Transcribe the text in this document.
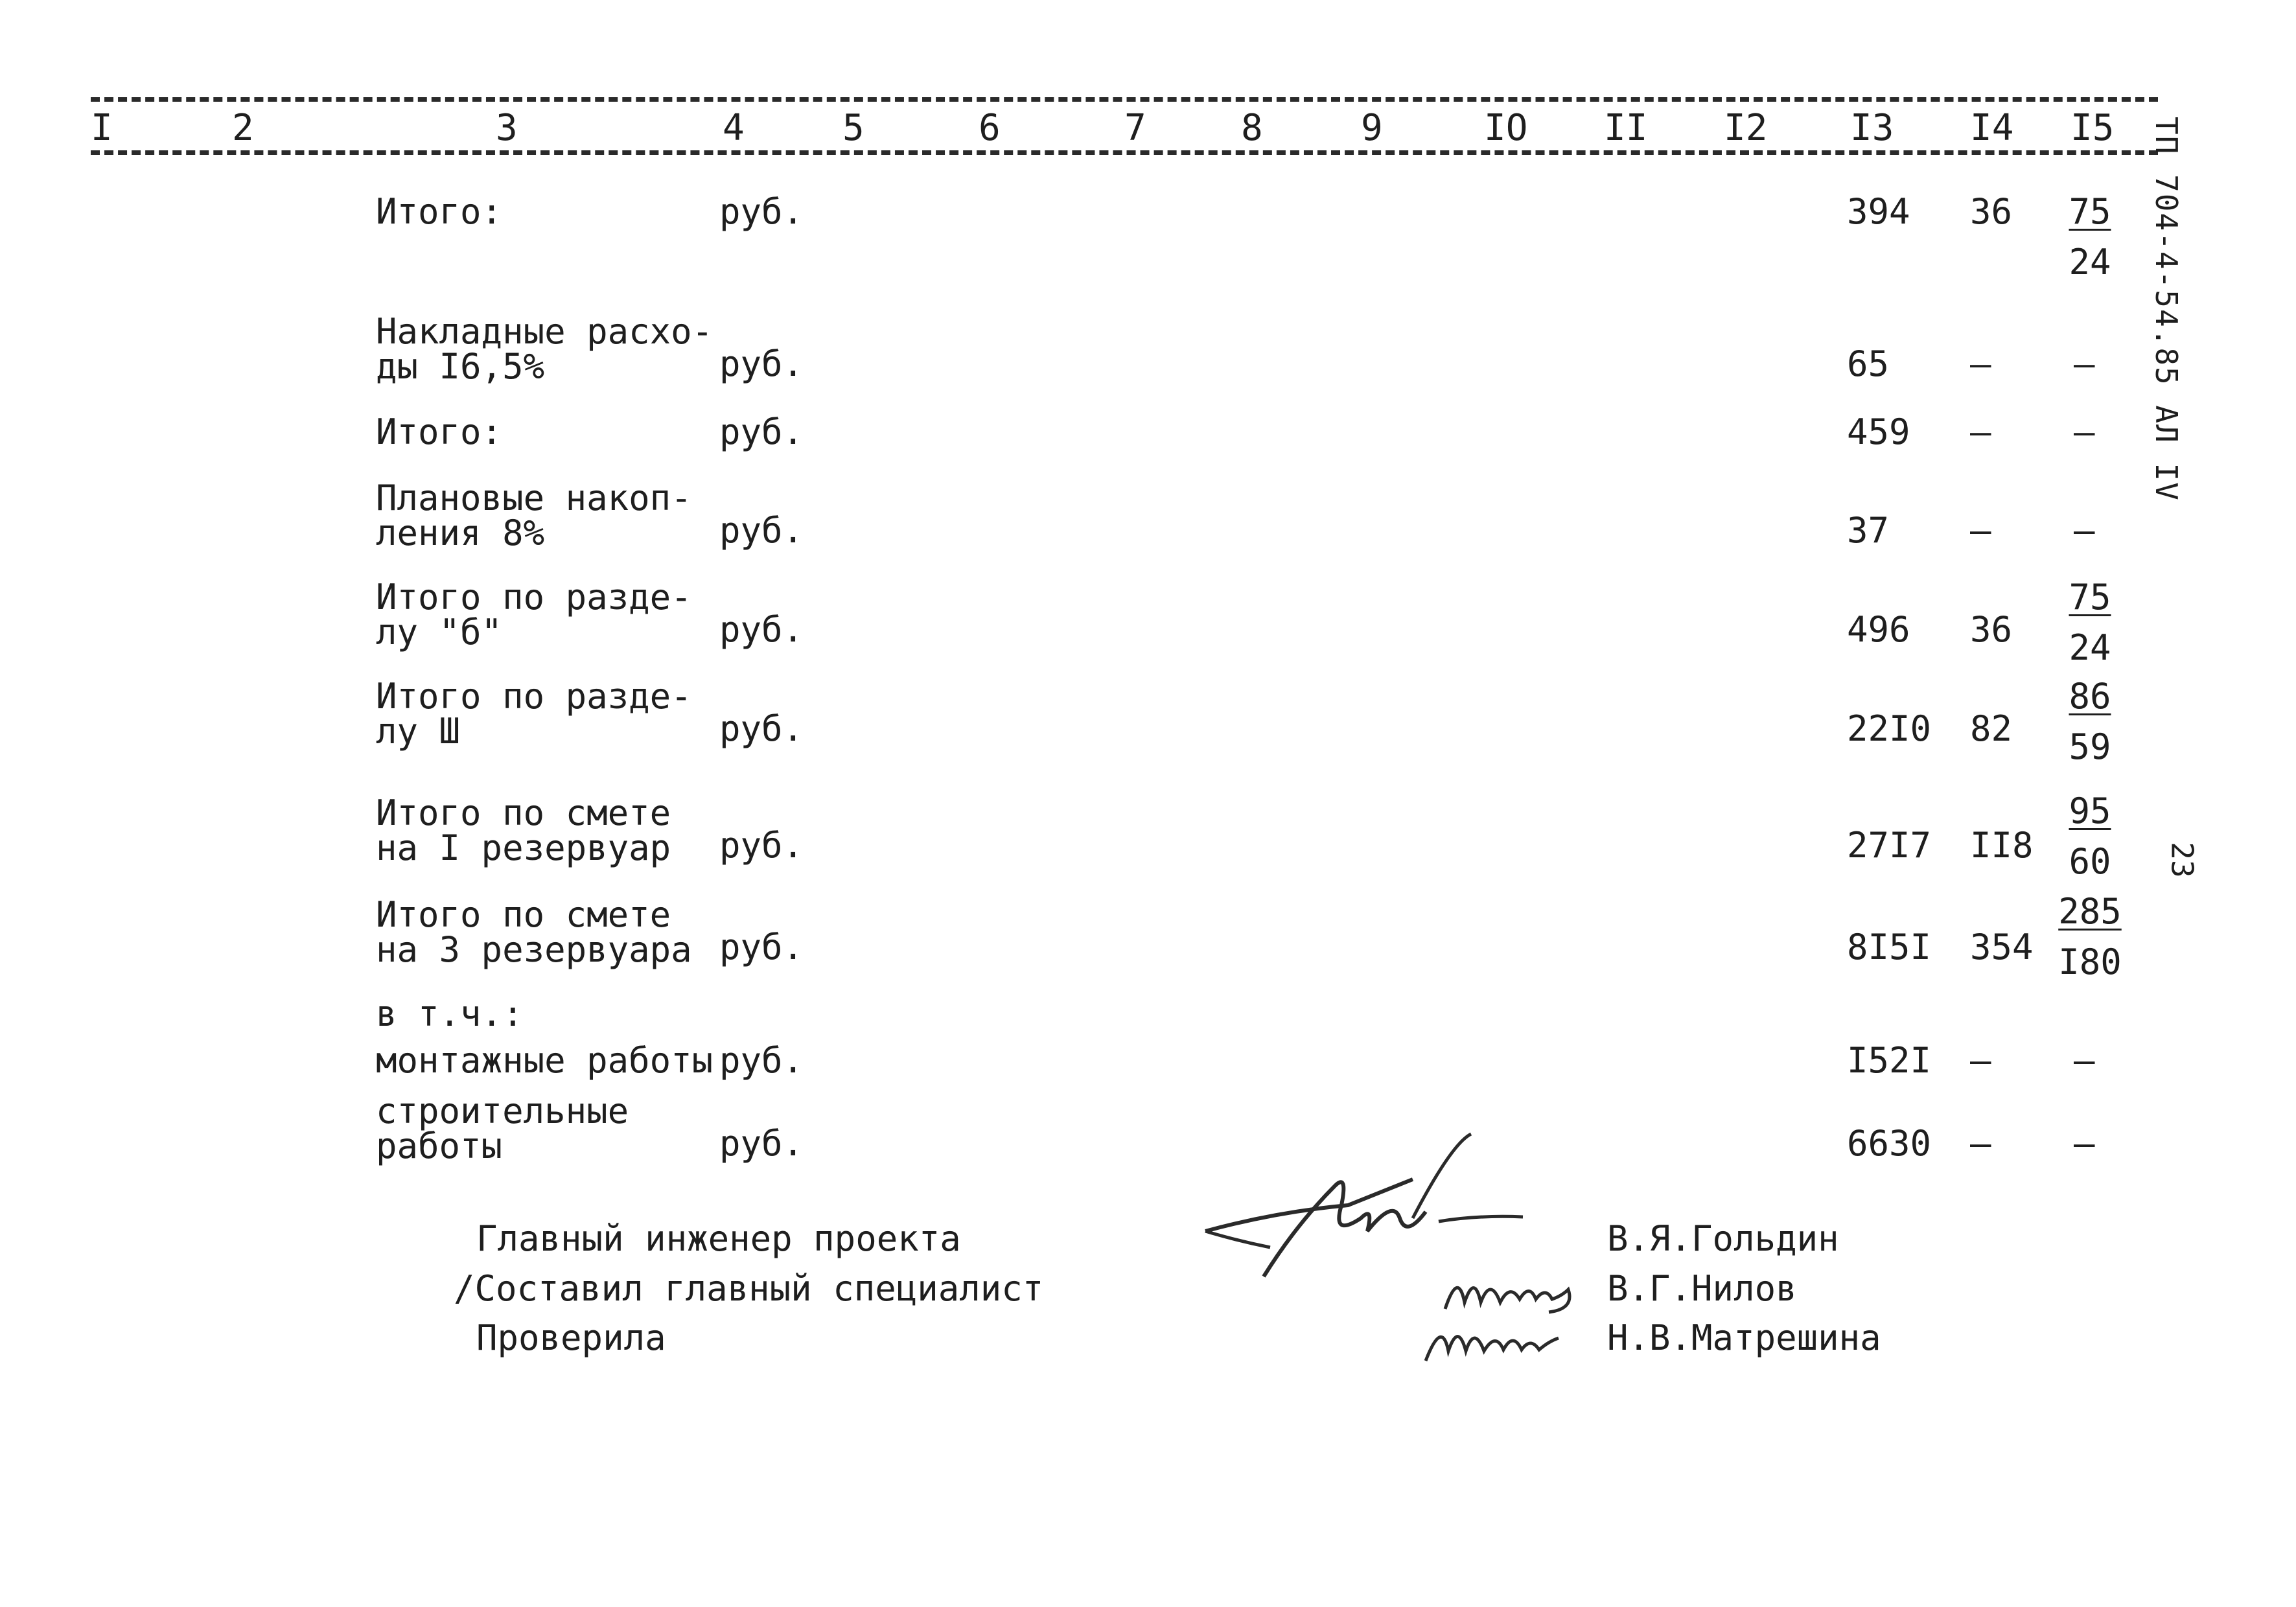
I	2	3	4	5	6	7	8	9	IO II I2 I3 I4 I5 ТП 704-4-54.85 АЛ IV
23
Итого:	руб.	394 $36 \frac{75}{24}$
Накладные расхо-
ды I6,5%	руб.	65 – –
Итого:	руб.	459 – –
Плановые накоп-
ления 8%	руб.	37 – –
Итого по разде-
лу "б"	руб.	496 $36 \frac{75}{24}$
Итого по разде-
лу Ш	руб.	22I0 $82 \frac{86}{59}$
Итого по смете
на I резервуар руб.	27I7 $II8 \frac{95}{60}$
Итого по смете
на 3 резервуара руб.	8I5I $354 \frac{285}{I80}$
в т.ч.:
монтажные работы руб.	I52I – –
строительные
работы	руб.	6630 – –
Главный инженер проекта	В.Я.Гольдин
/Составил главный специалист	В.Г.Нилов
Проверила	Н.В.Матрешина
